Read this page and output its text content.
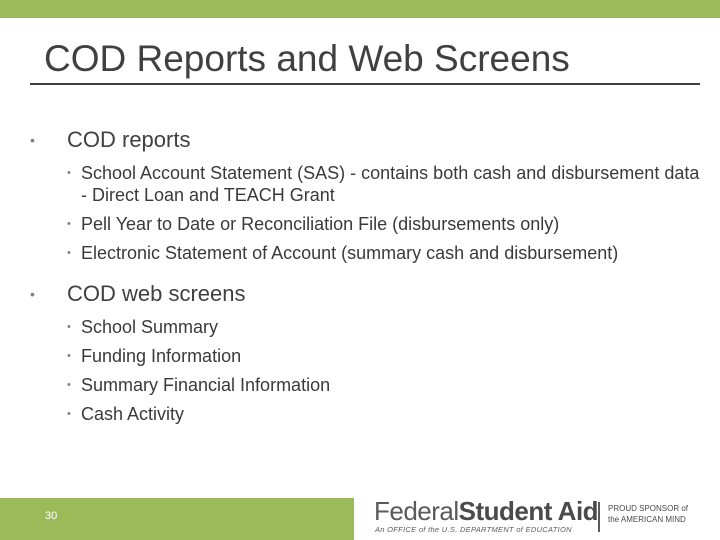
COD Reports and Web Screens
• COD reports
• School Account Statement (SAS) - contains both cash and disbursement data - Direct Loan and TEACH Grant
• Pell Year to Date or Reconciliation File (disbursements only)
• Electronic Statement of Account (summary cash and disbursement)
• COD web screens
• School Summary
• Funding Information
• Summary Financial Information
• Cash Activity
30	FederalStudent Aid
An OFFICE of the U.S. DEPARTMENT of EDUCATION
PROUD SPONSOR of
the AMERICAN MIND
